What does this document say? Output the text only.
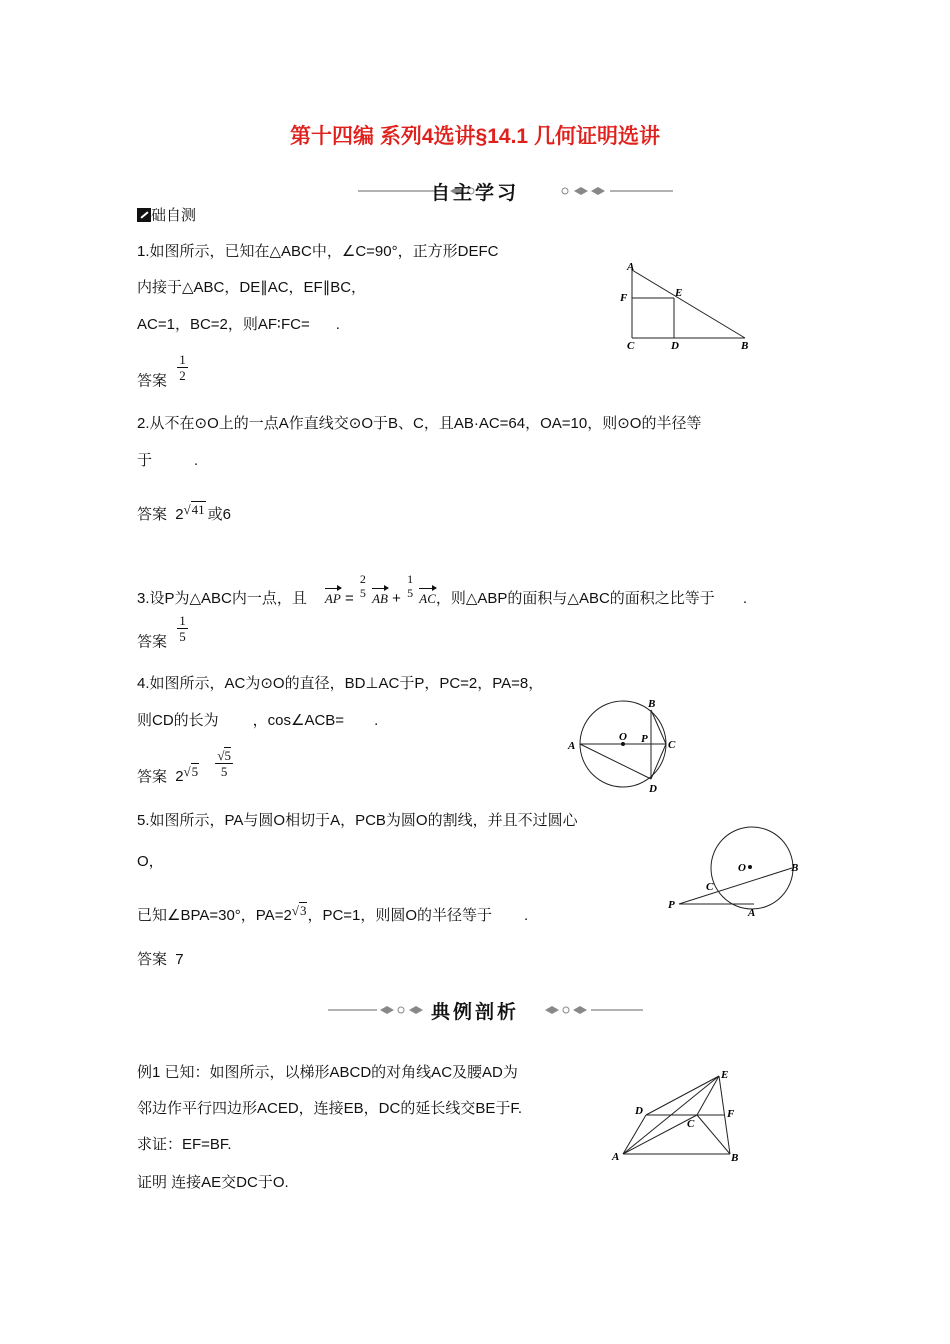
第十四编 系列4选讲§14.1 几何证明选讲
自主学习
础自测
1.如图所示，已知在△ABC中，∠C=90°，正方形DEFC
内接于△ABC，DE∥AC，EF∥BC，
AC=1，BC=2，则AF∶FC= .
答案 $\frac{1}{2}$
A
F	E
C	D	B
2.从不在⊙O上的一点A作直线交⊙O于B、C，且AB·AC=64，OA=10，则⊙O的半径等
于	.
答案 2√41 或6
3.设P为△ABC内一点，且 AP =
2
5 AB +
1
5 AC，则△ABP的面积与△ABC的面积之比等于 .
答案 $\frac{1}{5}$
4.如图所示，AC为⊙O的直径，BD⊥AC于P，PC=2，PA=8，
则CD的长为 ，cos∠ACB= .
答案 $2√5 \frac{√5}{5}$
B
O P
A	C
D
5.如图所示，PA与圆O相切于A，PCB为圆O的割线，并且不过圆心
O，
已知∠BPA=30°，PA=2√3，PC=1，则圆O的半径等于 .
答案 7
O	B
C
P
A
典例剖析
例1 已知：如图所示，以梯形ABCD的对角线AC及腰AD为
邻边作平行四边形ACED，连接EB，DC的延长线交BE于F.
求证：EF=BF.
证明 连接AE交DC于O.
E
D	F
C
A	B
